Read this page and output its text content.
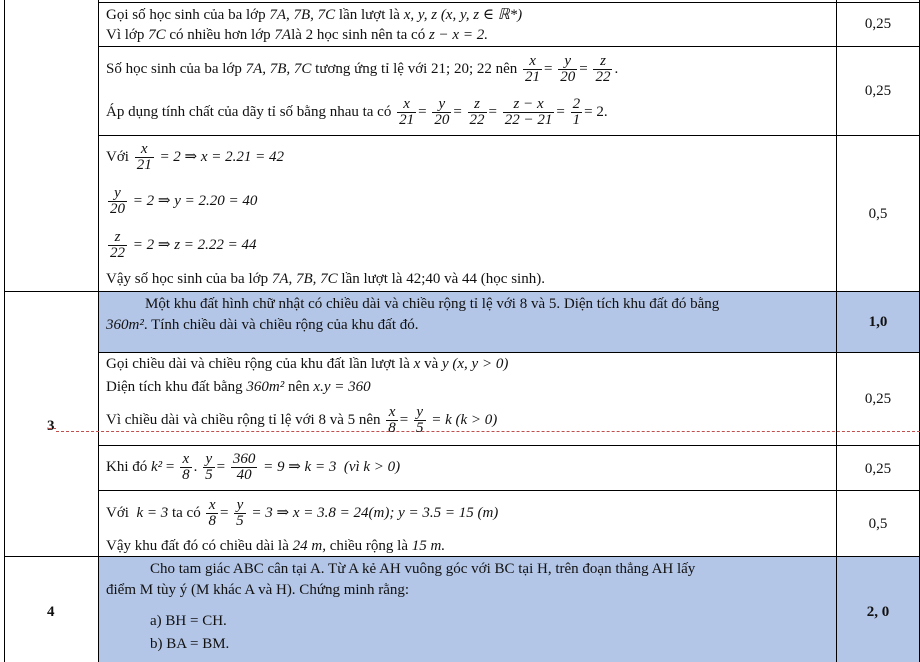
Gọi số học sinh của ba lớp 7A, 7B, 7C lần lượt là x, y, z (x, y, z ∈ ℝ*)
Vì lớp 7C có nhiều hơn lớp 7Alà 2 học sinh nên ta có z − x = 2.
0,25
Số học sinh của ba lớp 7A, 7B, 7C tương ứng tỉ lệ với 21; 20; 22 nên $\frac{x}{21} = \frac{y}{20} = \frac{z}{22}$ .
Áp dụng tính chất của dãy tỉ số bằng nhau ta có $\frac{x}{21} = \frac{y}{20} = \frac{z}{22} = \frac{z - x}{22 - 21} = \frac{2}{1} = 2$.
0,25
Với $\frac{x}{21} = 2$ ⇒ x = 2.21 = 42
$\frac{y}{20} = 2$ ⇒ y = 2.20 = 40
$\frac{z}{22} = 2$ ⇒ z = 2.22 = 44
Vậy số học sinh của ba lớp 7A, 7B, 7C lần lượt là 42;40 và 44 (học sinh).
0,5
3
Một khu đất hình chữ nhật có chiều dài và chiều rộng tỉ lệ với 8 và 5. Diện tích khu đất đó bằng
360m². Tính chiều dài và chiều rộng của khu đất đó.	1,0
Gọi chiều dài và chiều rộng của khu đất lần lượt là x và y (x, y > 0)
Diện tích khu đất bằng 360m² nên x.y = 360
Vì chiều dài và chiều rộng tỉ lệ với 8 và 5 nên $\frac{x}{8} = \frac{y}{5} = k$ (k > 0)
0,25
Khi đó $k^2 = \frac{x}{8}$ . $\frac{y}{5} = \frac{360}{40} = 9$ ⇒ k = 3 (vì k > 0)	0,25
Với k = 3 ta có $\frac{x}{8} = \frac{y}{5} = 3$ ⇒ x = 3.8 = 24(m); y = 3.5 = 15 (m)
Vậy khu đất đó có chiều dài là 24 m, chiều rộng là 15 m.
0,5
4
Cho tam giác ABC cân tại A. Từ A kẻ AH vuông góc với BC tại H, trên đoạn thẳng AH lấy
điểm M tùy ý (M khác A và H). Chứng minh rằng:
a) BH = CH.
b) BA = BM.
2, 0
